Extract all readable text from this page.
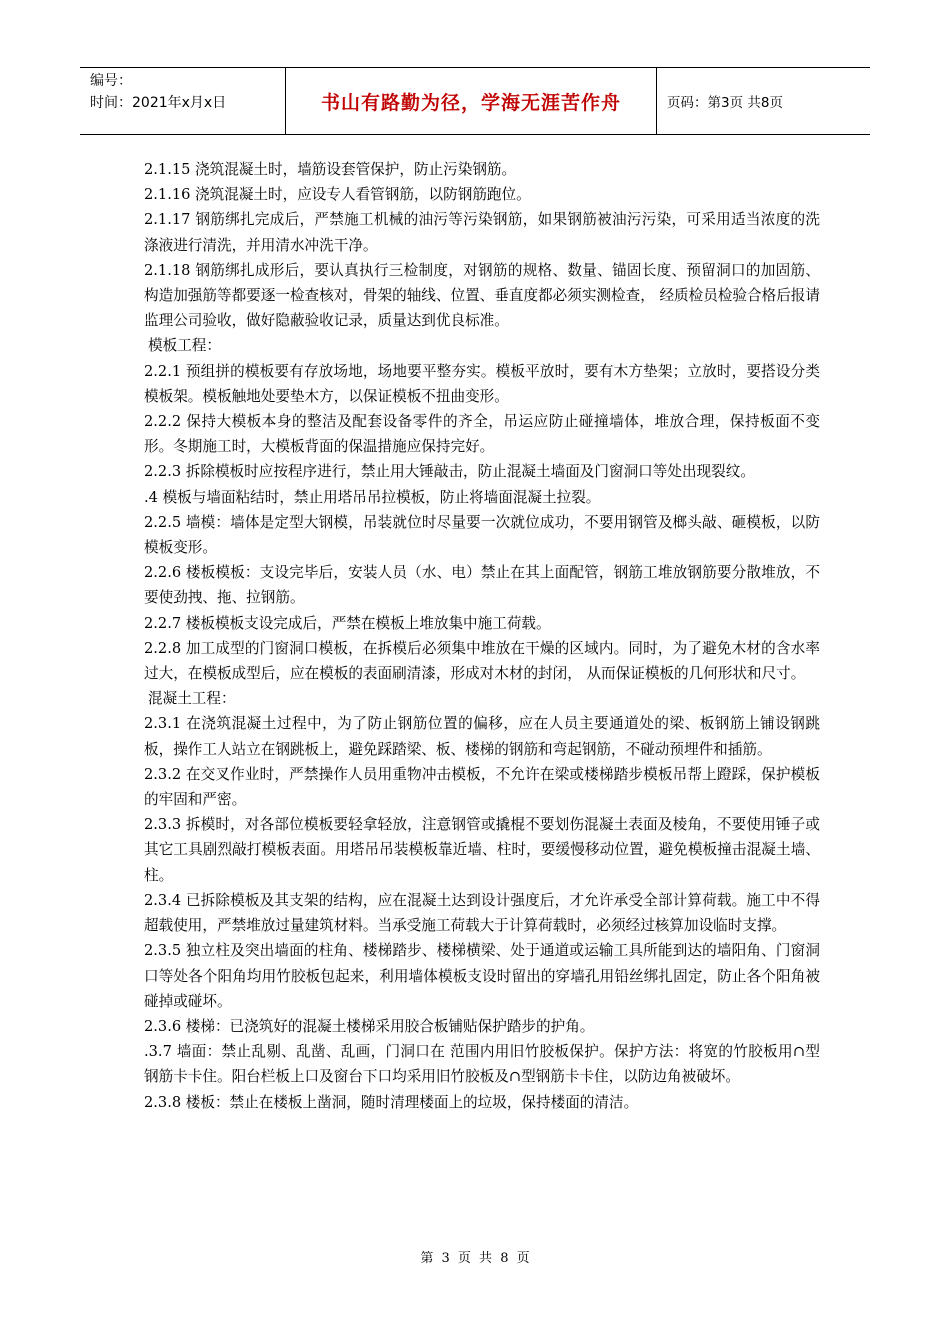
编号：
时间：2021年x月x日	书山有路勤为径，学海无涯苦作舟	页码：第3页 共8页

2.1.15 浇筑混凝土时，墙筋设套管保护，防止污染钢筋。

2.1.16 浇筑混凝土时，应设专人看管钢筋，以防钢筋跑位。

2.1.17 钢筋绑扎完成后，严禁施工机械的油污等污染钢筋，如果钢筋被油污污染，可采用适当浓度的洗涤液进行清洗，并用清水冲洗干净。

2.1.18 钢筋绑扎成形后，要认真执行三检制度，对钢筋的规格、数量、锚固长度、预留洞口的加固筋、构造加强筋等都要逐一检查核对，骨架的轴线、位置、垂直度都必须实测检查， 经质检员检验合格后报请监理公司验收，做好隐蔽验收记录，质量达到优良标准。

模板工程：

2.2.1 预组拼的模板要有存放场地，场地要平整夯实。模板平放时，要有木方垫架；立放时，要搭设分类模板架。模板触地处要垫木方，以保证模板不扭曲变形。

2.2.2 保持大模板本身的整洁及配套设备零件的齐全，吊运应防止碰撞墙体，堆放合理，保持板面不变形。冬期施工时，大模板背面的保温措施应保持完好。

2.2.3 拆除模板时应按程序进行，禁止用大锤敲击，防止混凝土墙面及门窗洞口等处出现裂纹。

.4 模板与墙面粘结时，禁止用塔吊吊拉模板，防止将墙面混凝土拉裂。

2.2.5 墙模：墙体是定型大钢模，吊装就位时尽量要一次就位成功，不要用钢管及榔头敲、砸模板，以防模板变形。

2.2.6 楼板模板：支设完毕后，安装人员（水、电）禁止在其上面配管，钢筋工堆放钢筋要分散堆放，不要使劲拽、拖、拉钢筋。

2.2.7 楼板模板支设完成后，严禁在模板上堆放集中施工荷载。

2.2.8 加工成型的门窗洞口模板，在拆模后必须集中堆放在干燥的区域内。同时，为了避免木材的含水率过大，在模板成型后，应在模板的表面刷清漆，形成对木材的封闭， 从而保证模板的几何形状和尺寸。

混凝土工程：

2.3.1 在浇筑混凝土过程中，为了防止钢筋位置的偏移，应在人员主要通道处的梁、板钢筋上铺设钢跳板，操作工人站立在钢跳板上，避免踩踏梁、板、楼梯的钢筋和弯起钢筋，不碰动预埋件和插筋。

2.3.2 在交叉作业时，严禁操作人员用重物冲击模板，不允许在梁或楼梯踏步模板吊帮上蹬踩，保护模板的牢固和严密。

2.3.3 拆模时，对各部位模板要轻拿轻放，注意钢管或撬棍不要划伤混凝土表面及棱角，不要使用锤子或其它工具剧烈敲打模板表面。用塔吊吊装模板靠近墙、柱时，要缓慢移动位置，避免模板撞击混凝土墙、柱。

2.3.4 已拆除模板及其支架的结构，应在混凝土达到设计强度后，才允许承受全部计算荷载。施工中不得超载使用，严禁堆放过量建筑材料。当承受施工荷载大于计算荷载时，必须经过核算加设临时支撑。

2.3.5 独立柱及突出墙面的柱角、楼梯踏步、楼梯横梁、处于通道或运输工具所能到达的墙阳角、门窗洞口等处各个阳角均用竹胶板包起来，利用墙体模板支设时留出的穿墙孔用铅丝绑扎固定，防止各个阳角被碰掉或碰坏。

2.3.6 楼梯：已浇筑好的混凝土楼梯采用胶合板铺贴保护踏步的护角。

.3.7 墙面：禁止乱剔、乱凿、乱画，门洞口在 范围内用旧竹胶板保护。保护方法：将宽的竹胶板用∩型钢筋卡卡住。阳台栏板上口及窗台下口均采用旧竹胶板及∩型钢筋卡卡住，以防边角被破坏。

2.3.8 楼板：禁止在楼板上凿洞，随时清理楼面上的垃圾，保持楼面的清洁。

第 3 页 共 8 页
